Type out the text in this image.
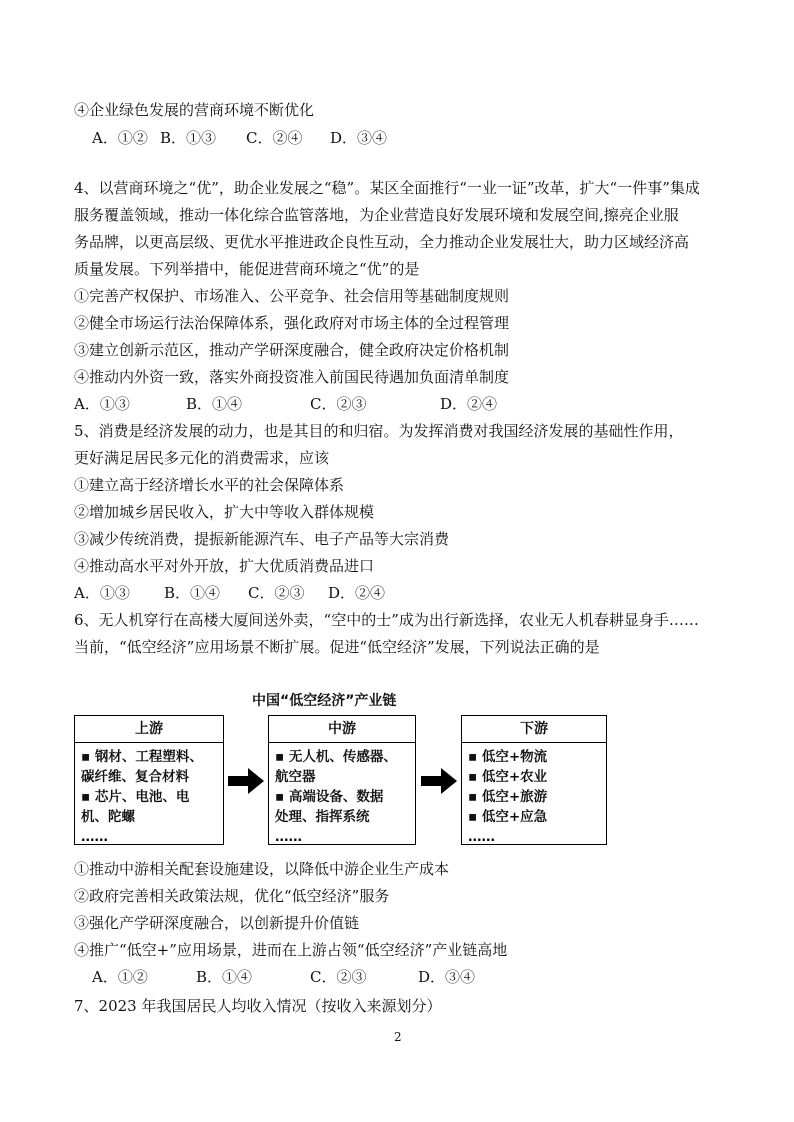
④企业绿色发展的营商环境不断优化
A．①② B．①③ C．②④ D．③④
4、以营商环境之“优”，助企业发展之“稳”。某区全面推行“一业一证”改革，扩大“一件事”集成
服务覆盖领域，推动一体化综合监管落地，为企业营造良好发展环境和发展空间,擦亮企业服
务品牌，以更高层级、更优水平推进政企良性互动，全力推动企业发展壮大，助力区域经济高
质量发展。下列举措中，能促进营商环境之“优”的是
①完善产权保护、市场准入、公平竞争、社会信用等基础制度规则
②健全市场运行法治保障体系，强化政府对市场主体的全过程管理
③建立创新示范区，推动产学研深度融合，健全政府决定价格机制
④推动内外资一致，落实外商投资准入前国民待遇加负面清单制度
A．①③	B．①④	C．②③	D．②④
5、消费是经济发展的动力，也是其目的和归宿。为发挥消费对我国经济发展的基础性作用，
更好满足居民多元化的消费需求，应该
①建立高于经济增长水平的社会保障体系
②增加城乡居民收入，扩大中等收入群体规模
③减少传统消费，提振新能源汽车、电子产品等大宗消费
④推动高水平对外开放，扩大优质消费品进口
A．①③ B．①④ C．②③ D．②④
6、无人机穿行在高楼大厦间送外卖，“空中的士”成为出行新选择，农业无人机春耕显身手……
当前，“低空经济”应用场景不断扩展。促进“低空经济”发展，下列说法正确的是
中国“低空经济”产业链
上游
▪ 钢材、工程塑料、
碳纤维、复合材料
▪ 芯片、电池、电
机、陀螺
……
中游
▪ 无人机、传感器、
航空器
▪ 高端设备、数据
处理、指挥系统
……
下游
▪ 低空+物流
▪ 低空+农业
▪ 低空+旅游
▪ 低空+应急
……
①推动中游相关配套设施建设，以降低中游企业生产成本
②政府完善相关政策法规，优化“低空经济”服务
③强化产学研深度融合，以创新提升价值链
④推广“低空+”应用场景，进而在上游占领“低空经济”产业链高地
A．①②	B．①④	C．②③	D．③④
7、2023 年我国居民人均收入情况（按收入来源划分）
2
